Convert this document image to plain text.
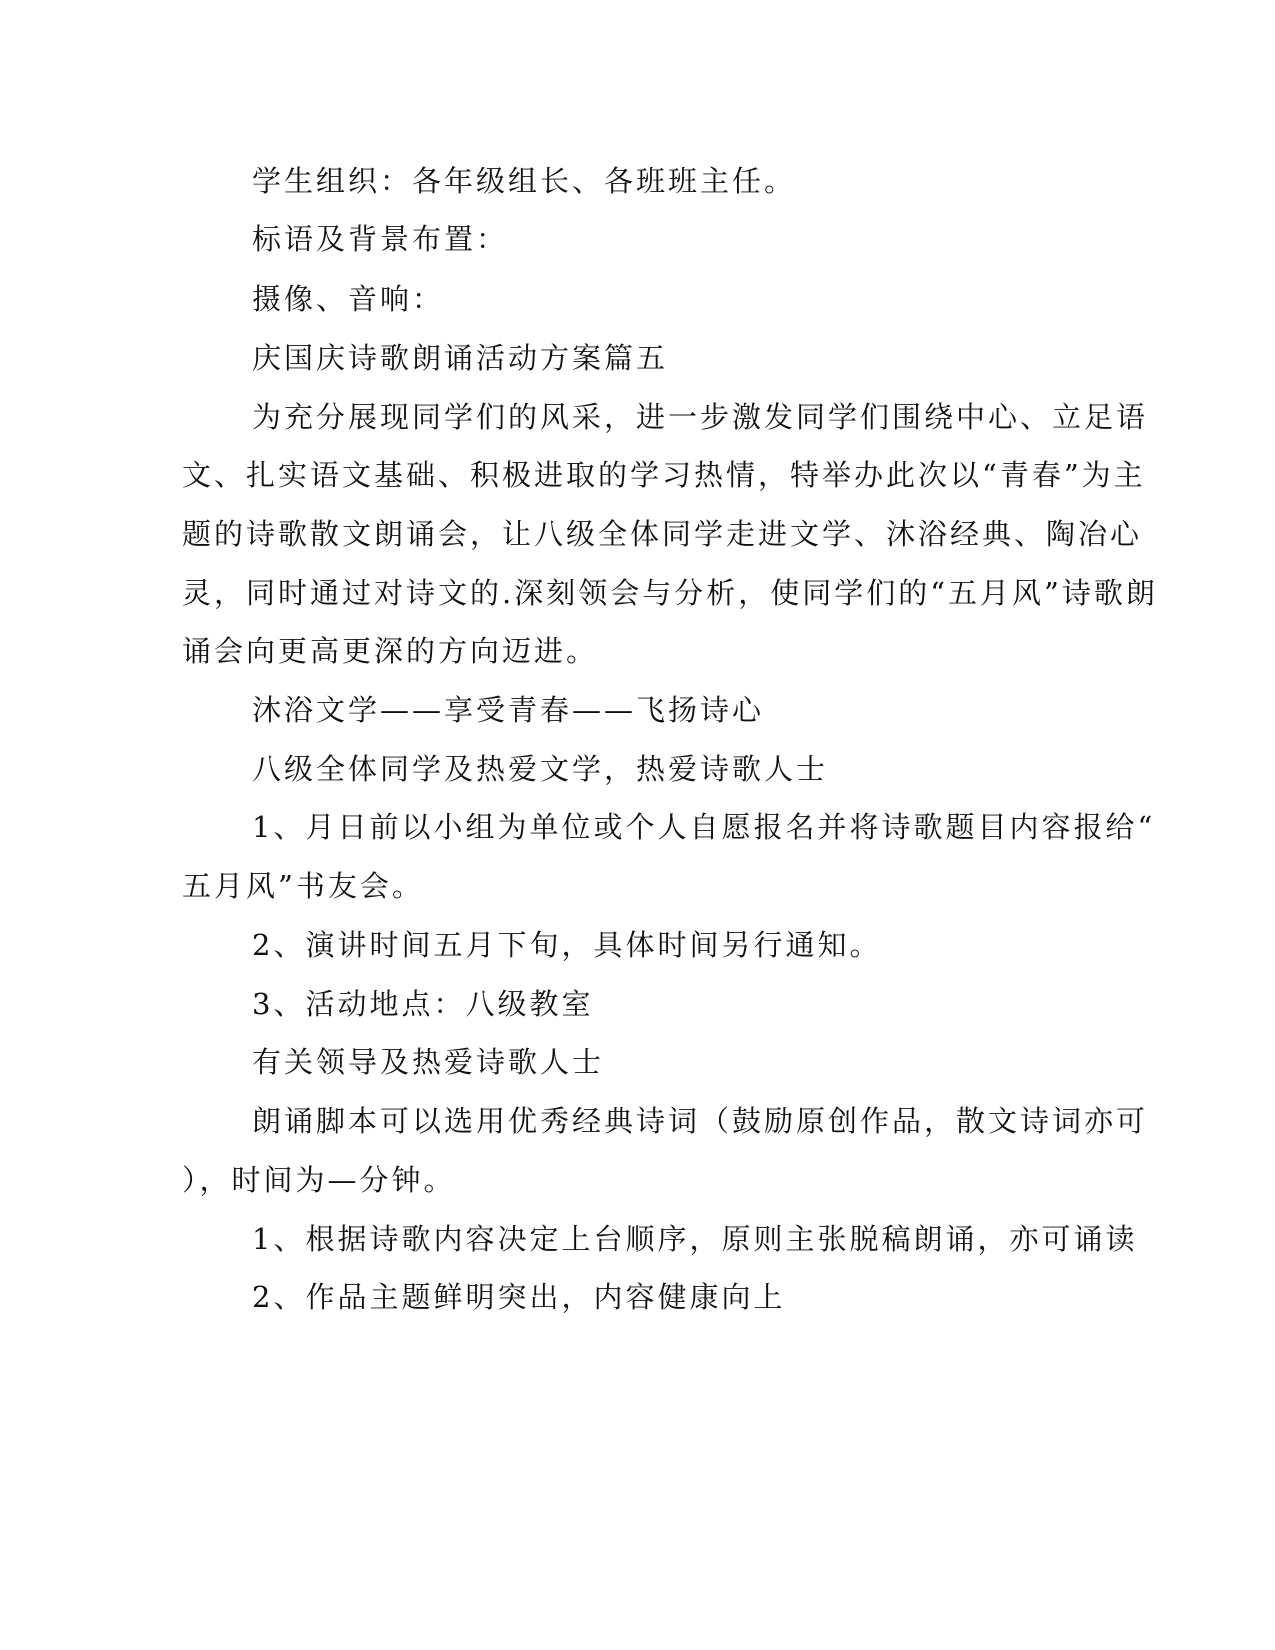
学生组织：各年级组长、各班班主任。

标语及背景布置：

摄像、音响：

庆国庆诗歌朗诵活动方案篇五

为充分展现同学们的风采，进一步激发同学们围绕中心、立足语

文、扎实语文基础、积极进取的学习热情，特举办此次以“青春”为主

题的诗歌散文朗诵会，让八级全体同学走进文学、沐浴经典、陶冶心

灵，同时通过对诗文的.深刻领会与分析，使同学们的“五月风”诗歌朗

诵会向更高更深的方向迈进。

沐浴文学——享受青春——飞扬诗心

八级全体同学及热爱文学，热爱诗歌人士

1、月日前以小组为单位或个人自愿报名并将诗歌题目内容报给“

五月风”书友会。

2、演讲时间五月下旬，具体时间另行通知。

3、活动地点：八级教室

有关领导及热爱诗歌人士

朗诵脚本可以选用优秀经典诗词（鼓励原创作品，散文诗词亦可

），时间为—分钟。

1、根据诗歌内容决定上台顺序，原则主张脱稿朗诵，亦可诵读

2、作品主题鲜明突出，内容健康向上
